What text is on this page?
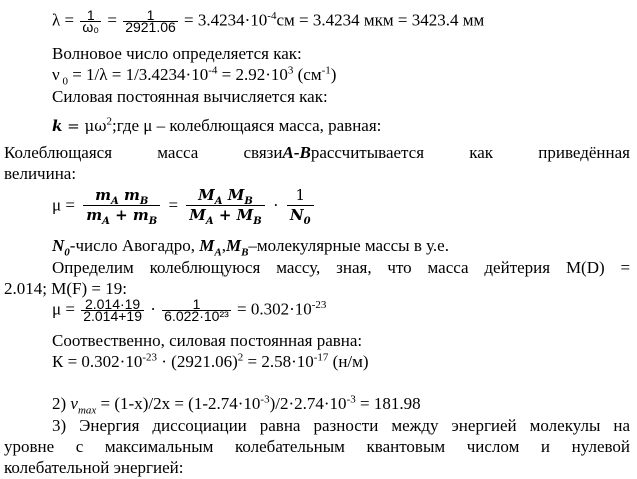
$\lambda = \frac{1}{\text{ω₀}} = \frac{1}{2921.06} = 3.4234\cdot 10^{-4}см = 3.4234$ мкм = 3423.4 мм
Волновое число определяется как:
ν $_0 = 1/\lambda = 1/3.4234\cdot 10^{-4} = 2.92\cdot 10^3$ $(см^{-1})$
Силовая постоянная вычисляется как:
$k = \mu\omega^2;где$ μ – колеблющаяся масса, равная:
Колеблющаяся масса связиA-Bрассчитывается как приведённая
величина:
$\mu = \frac{m_A m_B}{m_A + m_B} = \frac{M_A M_B}{M_A + M_B} \cdot \frac{1}{N_0}$
$N_0$-число Авогадро, $M_A,M_B$–молекулярные массы в у.е.
Определим колеблющуюся массу, зная, что масса дейтерия M(D) =
2.014; M(F) = 19:
$\mu = \frac{2.014\cdot 19}{2.014+19} \cdot \frac{1}{\text{6.022·10²³}} = 0.302\cdot 10^{-23}$
Соотвественно, силовая постоянная равна:
$К = 0.302\cdot 10^{-23} \cdot (2921.06)^2 = 2.58\cdot 10^{-17}$ (н/м)
2) $v_{max} = (1-x)/2x = (1-2.74\cdot 10^{-3})/2\cdot 2.74\cdot 10^{-3} = 181.98$
3) Энергия диссоциации равна разности между энергией молекулы на
уровне с максимальным колебательным квантовым числом и нулевой
колебательной энергией:
